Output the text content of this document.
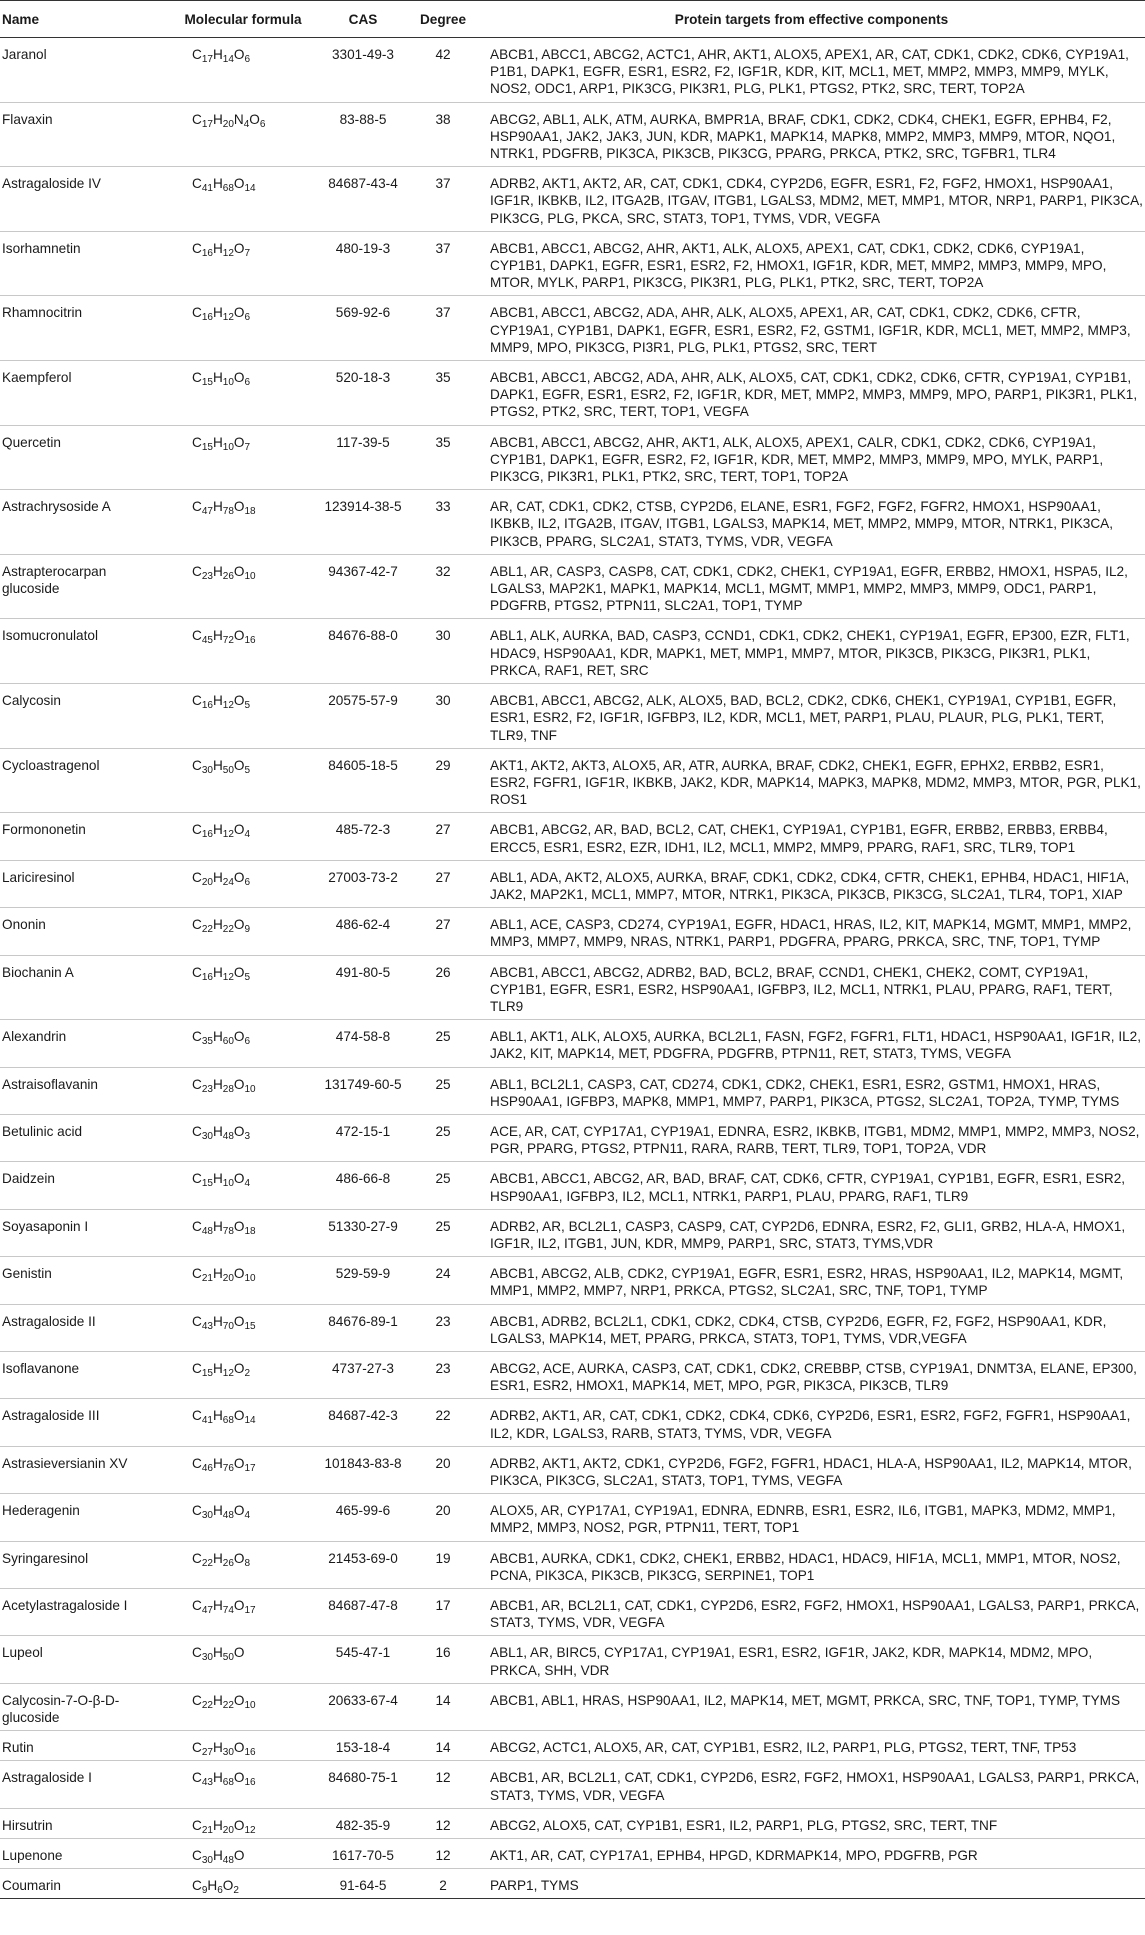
Name	Molecular formula	CAS	Degree	Protein targets from effective components
Jaranol	$C_{17}H_{14}O_6$	3301-49-3	42	ABCB1, ABCC1, ABCG2, ACTC1, AHR, AKT1, ALOX5, APEX1, AR, CAT, CDK1, CDK2, CDK6, CYP19A1, P1B1, DAPK1, EGFR, ESR1, ESR2, F2, IGF1R, KDR, KIT, MCL1, MET, MMP2, MMP3, MMP9, MYLK, NOS2, ODC1, ARP1, PIK3CG, PIK3R1, PLG, PLK1, PTGS2, PTK2, SRC, TERT, TOP2A
Flavaxin	$C_{17}H_{20}N_4O_6$	83-88-5	38	ABCG2, ABL1, ALK, ATM, AURKA, BMPR1A, BRAF, CDK1, CDK2, CDK4, CHEK1, EGFR, EPHB4, F2, HSP90AA1, JAK2, JAK3, JUN, KDR, MAPK1, MAPK14, MAPK8, MMP2, MMP3, MMP9, MTOR, NQO1, NTRK1, PDGFRB, PIK3CA, PIK3CB, PIK3CG, PPARG, PRKCA, PTK2, SRC, TGFBR1, TLR4
Astragaloside IV	$C_{41}H_{68}O_{14}$	84687-43-4	37	ADRB2, AKT1, AKT2, AR, CAT, CDK1, CDK4, CYP2D6, EGFR, ESR1, F2, FGF2, HMOX1, HSP90AA1, IGF1R, IKBKB, IL2, ITGA2B, ITGAV, ITGB1, LGALS3, MDM2, MET, MMP1, MTOR, NRP1, PARP1, PIK3CA, PIK3CG, PLG, PKCA, SRC, STAT3, TOP1, TYMS, VDR, VEGFA
Isorhamnetin	$C_{16}H_{12}O_7$	480-19-3	37	ABCB1, ABCC1, ABCG2, AHR, AKT1, ALK, ALOX5, APEX1, CAT, CDK1, CDK2, CDK6, CYP19A1, CYP1B1, DAPK1, EGFR, ESR1, ESR2, F2, HMOX1, IGF1R, KDR, MET, MMP2, MMP3, MMP9, MPO, MTOR, MYLK, PARP1, PIK3CG, PIK3R1, PLG, PLK1, PTK2, SRC, TERT, TOP2A
Rhamnocitrin	$C_{16}H_{12}O_6$	569-92-6	37	ABCB1, ABCC1, ABCG2, ADA, AHR, ALK, ALOX5, APEX1, AR, CAT, CDK1, CDK2, CDK6, CFTR, CYP19A1, CYP1B1, DAPK1, EGFR, ESR1, ESR2, F2, GSTM1, IGF1R, KDR, MCL1, MET, MMP2, MMP3, MMP9, MPO, PIK3CG, PI3R1, PLG, PLK1, PTGS2, SRC, TERT
Kaempferol	$C_{15}H_{10}O_6$	520-18-3	35	ABCB1, ABCC1, ABCG2, ADA, AHR, ALK, ALOX5, CAT, CDK1, CDK2, CDK6, CFTR, CYP19A1, CYP1B1, DAPK1, EGFR, ESR1, ESR2, F2, IGF1R, KDR, MET, MMP2, MMP3, MMP9, MPO, PARP1, PIK3R1, PLK1, PTGS2, PTK2, SRC, TERT, TOP1, VEGFA
Quercetin	$C_{15}H_{10}O_7$	117-39-5	35	ABCB1, ABCC1, ABCG2, AHR, AKT1, ALK, ALOX5, APEX1, CALR, CDK1, CDK2, CDK6, CYP19A1, CYP1B1, DAPK1, EGFR, ESR2, F2, IGF1R, KDR, MET, MMP2, MMP3, MMP9, MPO, MYLK, PARP1, PIK3CG, PIK3R1, PLK1, PTK2, SRC, TERT, TOP1, TOP2A
Astrachrysoside A	$C_{47}H_{78}O_{18}$	123914-38-5	33	AR, CAT, CDK1, CDK2, CTSB, CYP2D6, ELANE, ESR1, FGF2, FGF2, FGFR2, HMOX1, HSP90AA1, IKBKB, IL2, ITGA2B, ITGAV, ITGB1, LGALS3, MAPK14, MET, MMP2, MMP9, MTOR, NTRK1, PIK3CA, PIK3CB, PPARG, SLC2A1, STAT3, TYMS, VDR, VEGFA
Astrapterocarpan glucoside	$C_{23}H_{26}O_{10}$	94367-42-7	32	ABL1, AR, CASP3, CASP8, CAT, CDK1, CDK2, CHEK1, CYP19A1, EGFR, ERBB2, HMOX1, HSPA5, IL2, LGALS3, MAP2K1, MAPK1, MAPK14, MCL1, MGMT, MMP1, MMP2, MMP3, MMP9, ODC1, PARP1, PDGFRB, PTGS2, PTPN11, SLC2A1, TOP1, TYMP
Isomucronulatol	$C_{45}H_{72}O_{16}$	84676-88-0	30	ABL1, ALK, AURKA, BAD, CASP3, CCND1, CDK1, CDK2, CHEK1, CYP19A1, EGFR, EP300, EZR, FLT1, HDAC9, HSP90AA1, KDR, MAPK1, MET, MMP1, MMP7, MTOR, PIK3CB, PIK3CG, PIK3R1, PLK1, PRKCA, RAF1, RET, SRC
Calycosin	$C_{16}H_{12}O_5$	20575-57-9	30	ABCB1, ABCC1, ABCG2, ALK, ALOX5, BAD, BCL2, CDK2, CDK6, CHEK1, CYP19A1, CYP1B1, EGFR, ESR1, ESR2, F2, IGF1R, IGFBP3, IL2, KDR, MCL1, MET, PARP1, PLAU, PLAUR, PLG, PLK1, TERT, TLR9, TNF
Cycloastragenol	$C_{30}H_{50}O_5$	84605-18-5	29	AKT1, AKT2, AKT3, ALOX5, AR, ATR, AURKA, BRAF, CDK2, CHEK1, EGFR, EPHX2, ERBB2, ESR1, ESR2, FGFR1, IGF1R, IKBKB, JAK2, KDR, MAPK14, MAPK3, MAPK8, MDM2, MMP3, MTOR, PGR, PLK1, ROS1
Formononetin	$C_{16}H_{12}O_4$	485-72-3	27	ABCB1, ABCG2, AR, BAD, BCL2, CAT, CHEK1, CYP19A1, CYP1B1, EGFR, ERBB2, ERBB3, ERBB4, ERCC5, ESR1, ESR2, EZR, IDH1, IL2, MCL1, MMP2, MMP9, PPARG, RAF1, SRC, TLR9, TOP1
Lariciresinol	$C_{20}H_{24}O_6$	27003-73-2	27	ABL1, ADA, AKT2, ALOX5, AURKA, BRAF, CDK1, CDK2, CDK4, CFTR, CHEK1, EPHB4, HDAC1, HIF1A, JAK2, MAP2K1, MCL1, MMP7, MTOR, NTRK1, PIK3CA, PIK3CB, PIK3CG, SLC2A1, TLR4, TOP1, XIAP
Ononin	$C_{22}H_{22}O_9$	486-62-4	27	ABL1, ACE, CASP3, CD274, CYP19A1, EGFR, HDAC1, HRAS, IL2, KIT, MAPK14, MGMT, MMP1, MMP2, MMP3, MMP7, MMP9, NRAS, NTRK1, PARP1, PDGFRA, PPARG, PRKCA, SRC, TNF, TOP1, TYMP
Biochanin A	$C_{16}H_{12}O_5$	491-80-5	26	ABCB1, ABCC1, ABCG2, ADRB2, BAD, BCL2, BRAF, CCND1, CHEK1, CHEK2, COMT, CYP19A1, CYP1B1, EGFR, ESR1, ESR2, HSP90AA1, IGFBP3, IL2, MCL1, NTRK1, PLAU, PPARG, RAF1, TERT, TLR9
Alexandrin	$C_{35}H_{60}O_6$	474-58-8	25	ABL1, AKT1, ALK, ALOX5, AURKA, BCL2L1, FASN, FGF2, FGFR1, FLT1, HDAC1, HSP90AA1, IGF1R, IL2, JAK2, KIT, MAPK14, MET, PDGFRA, PDGFRB, PTPN11, RET, STAT3, TYMS, VEGFA
Astraisoflavanin	$C_{23}H_{28}O_{10}$	131749-60-5	25	ABL1, BCL2L1, CASP3, CAT, CD274, CDK1, CDK2, CHEK1, ESR1, ESR2, GSTM1, HMOX1, HRAS, HSP90AA1, IGFBP3, MAPK8, MMP1, MMP7, PARP1, PIK3CA, PTGS2, SLC2A1, TOP2A, TYMP, TYMS
Betulinic acid	$C_{30}H_{48}O_3$	472-15-1	25	ACE, AR, CAT, CYP17A1, CYP19A1, EDNRA, ESR2, IKBKB, ITGB1, MDM2, MMP1, MMP2, MMP3, NOS2, PGR, PPARG, PTGS2, PTPN11, RARA, RARB, TERT, TLR9, TOP1, TOP2A, VDR
Daidzein	$C_{15}H_{10}O_4$	486-66-8	25	ABCB1, ABCC1, ABCG2, AR, BAD, BRAF, CAT, CDK6, CFTR, CYP19A1, CYP1B1, EGFR, ESR1, ESR2, HSP90AA1, IGFBP3, IL2, MCL1, NTRK1, PARP1, PLAU, PPARG, RAF1, TLR9
Soyasaponin I	$C_{48}H_{78}O_{18}$	51330-27-9	25	ADRB2, AR, BCL2L1, CASP3, CASP9, CAT, CYP2D6, EDNRA, ESR2, F2, GLI1, GRB2, HLA-A, HMOX1, IGF1R, IL2, ITGB1, JUN, KDR, MMP9, PARP1, SRC, STAT3, TYMS,VDR
Genistin	$C_{21}H_{20}O_{10}$	529-59-9	24	ABCB1, ABCG2, ALB, CDK2, CYP19A1, EGFR, ESR1, ESR2, HRAS, HSP90AA1, IL2, MAPK14, MGMT, MMP1, MMP2, MMP7, NRP1, PRKCA, PTGS2, SLC2A1, SRC, TNF, TOP1, TYMP
Astragaloside II	$C_{43}H_{70}O_{15}$	84676-89-1	23	ABCB1, ADRB2, BCL2L1, CDK1, CDK2, CDK4, CTSB, CYP2D6, EGFR, F2, FGF2, HSP90AA1, KDR, LGALS3, MAPK14, MET, PPARG, PRKCA, STAT3, TOP1, TYMS, VDR,VEGFA
Isoflavanone	$C_{15}H_{12}O_2$	4737-27-3	23	ABCG2, ACE, AURKA, CASP3, CAT, CDK1, CDK2, CREBBP, CTSB, CYP19A1, DNMT3A, ELANE, EP300, ESR1, ESR2, HMOX1, MAPK14, MET, MPO, PGR, PIK3CA, PIK3CB, TLR9
Astragaloside III	$C_{41}H_{68}O_{14}$	84687-42-3	22	ADRB2, AKT1, AR, CAT, CDK1, CDK2, CDK4, CDK6, CYP2D6, ESR1, ESR2, FGF2, FGFR1, HSP90AA1, IL2, KDR, LGALS3, RARB, STAT3, TYMS, VDR, VEGFA
Astrasieversianin XV	$C_{46}H_{76}O_{17}$	101843-83-8	20	ADRB2, AKT1, AKT2, CDK1, CYP2D6, FGF2, FGFR1, HDAC1, HLA-A, HSP90AA1, IL2, MAPK14, MTOR, PIK3CA, PIK3CG, SLC2A1, STAT3, TOP1, TYMS, VEGFA
Hederagenin	$C_{30}H_{48}O_4$	465-99-6	20	ALOX5, AR, CYP17A1, CYP19A1, EDNRA, EDNRB, ESR1, ESR2, IL6, ITGB1, MAPK3, MDM2, MMP1, MMP2, MMP3, NOS2, PGR, PTPN11, TERT, TOP1
Syringaresinol	$C_{22}H_{26}O_8$	21453-69-0	19	ABCB1, AURKA, CDK1, CDK2, CHEK1, ERBB2, HDAC1, HDAC9, HIF1A, MCL1, MMP1, MTOR, NOS2, PCNA, PIK3CA, PIK3CB, PIK3CG, SERPINE1, TOP1
Acetylastragaloside I	$C_{47}H_{74}O_{17}$	84687-47-8	17	ABCB1, AR, BCL2L1, CAT, CDK1, CYP2D6, ESR2, FGF2, HMOX1, HSP90AA1, LGALS3, PARP1, PRKCA, STAT3, TYMS, VDR, VEGFA
Lupeol	$C_{30}H_{50}O$	545-47-1	16	ABL1, AR, BIRC5, CYP17A1, CYP19A1, ESR1, ESR2, IGF1R, JAK2, KDR, MAPK14, MDM2, MPO, PRKCA, SHH, VDR
Calycosin-7-O-β-D-glucoside	$C_{22}H_{22}O_{10}$	20633-67-4	14	ABCB1, ABL1, HRAS, HSP90AA1, IL2, MAPK14, MET, MGMT, PRKCA, SRC, TNF, TOP1, TYMP, TYMS
Rutin	$C_{27}H_{30}O_{16}$	153-18-4	14	ABCG2, ACTC1, ALOX5, AR, CAT, CYP1B1, ESR2, IL2, PARP1, PLG, PTGS2, TERT, TNF, TP53
Astragaloside I	$C_{43}H_{68}O_{16}$	84680-75-1	12	ABCB1, AR, BCL2L1, CAT, CDK1, CYP2D6, ESR2, FGF2, HMOX1, HSP90AA1, LGALS3, PARP1, PRKCA, STAT3, TYMS, VDR, VEGFA
Hirsutrin	$C_{21}H_{20}O_{12}$	482-35-9	12	ABCG2, ALOX5, CAT, CYP1B1, ESR1, IL2, PARP1, PLG, PTGS2, SRC, TERT, TNF
Lupenone	$C_{30}H_{48}O$	1617-70-5	12	AKT1, AR, CAT, CYP17A1, EPHB4, HPGD, KDRMAPK14, MPO, PDGFRB, PGR
Coumarin	$C_9H_6O_2$	91-64-5	2	PARP1, TYMS
